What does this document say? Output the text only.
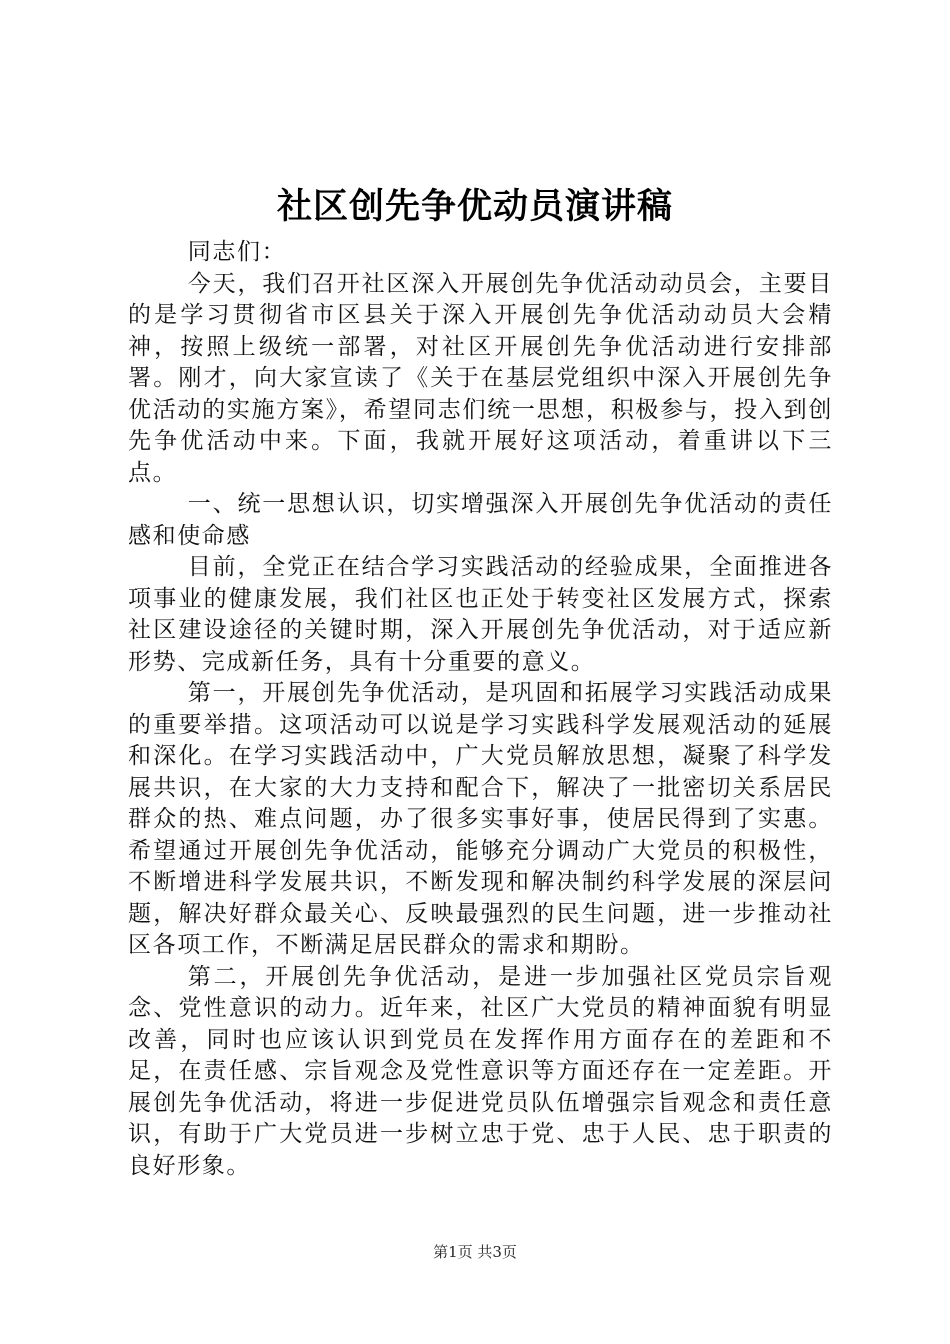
社区创先争优动员演讲稿

同志们：

今天，我们召开社区深入开展创先争优活动动员会，主要目的是学习贯彻省市区县关于深入开展创先争优活动动员大会精神，按照上级统一部署，对社区开展创先争优活动进行安排部署。刚才，向大家宣读了《关于在基层党组织中深入开展创先争优活动的实施方案》，希望同志们统一思想，积极参与，投入到创先争优活动中来。下面，我就开展好这项活动，着重讲以下三点。

一、统一思想认识，切实增强深入开展创先争优活动的责任感和使命感

目前，全党正在结合学习实践活动的经验成果，全面推进各项事业的健康发展，我们社区也正处于转变社区发展方式，探索社区建设途径的关键时期，深入开展创先争优活动，对于适应新形势、完成新任务，具有十分重要的意义。

第一，开展创先争优活动，是巩固和拓展学习实践活动成果的重要举措。这项活动可以说是学习实践科学发展观活动的延展和深化。在学习实践活动中，广大党员解放思想，凝聚了科学发展共识，在大家的大力支持和配合下，解决了一批密切关系居民群众的热、难点问题，办了很多实事好事，使居民得到了实惠。希望通过开展创先争优活动，能够充分调动广大党员的积极性，不断增进科学发展共识，不断发现和解决制约科学发展的深层问题，解决好群众最关心、反映最强烈的民生问题，进一步推动社区各项工作，不断满足居民群众的需求和期盼。

第二，开展创先争优活动，是进一步加强社区党员宗旨观念、党性意识的动力。近年来，社区广大党员的精神面貌有明显改善，同时也应该认识到党员在发挥作用方面存在的差距和不足，在责任感、宗旨观念及党性意识等方面还存在一定差距。开展创先争优活动，将进一步促进党员队伍增强宗旨观念和责任意识，有助于广大党员进一步树立忠于党、忠于人民、忠于职责的良好形象。

第1页 共3页
